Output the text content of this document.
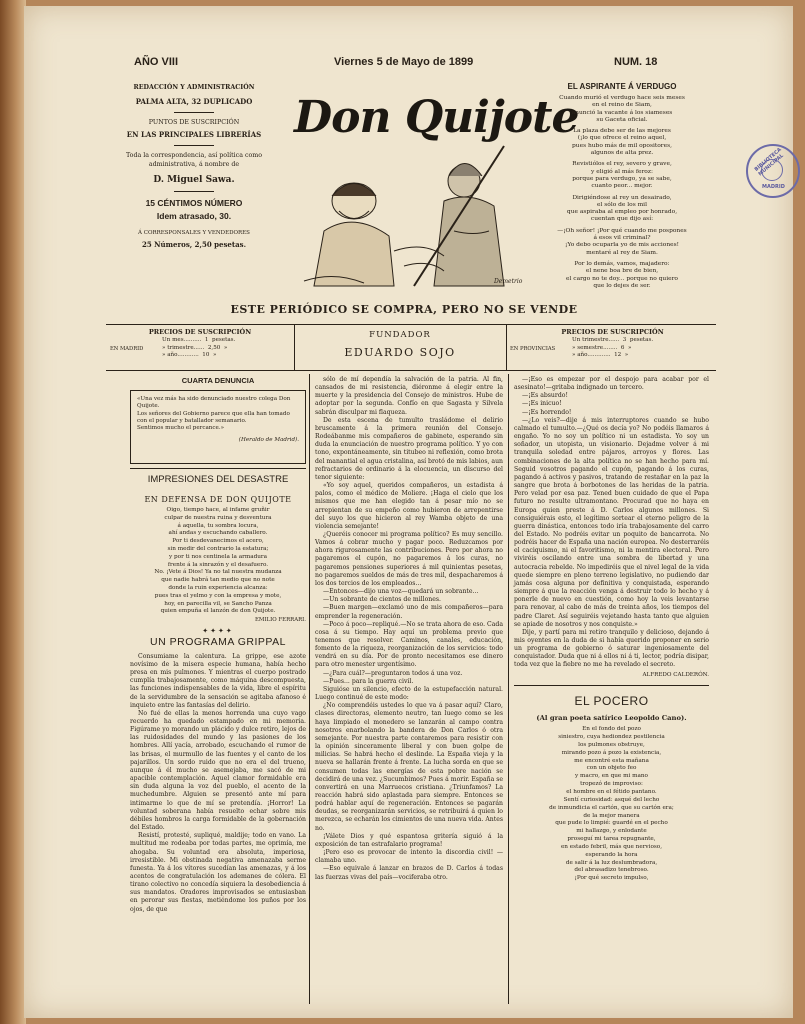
AÑO VIII	Viernes 5 de Mayo de 1899	NUM. 18
REDACCIÓN Y ADMINISTRACIÓN
PALMA ALTA, 32 DUPLICADO
PUNTOS DE SUSCRIPCIÓN
EN LAS PRINCIPALES LIBRERÍAS
Toda la correspondencia, así política como administrativa, á nombre de
D. Miguel Sawa.
15 CÉNTIMOS NÚMERO
Idem atrasado, 30.
Á CORRESPONSALES Y VENDEDORES
25 Números, 2,50 pesetas.
Don Quijote
Demetrio
EL ASPIRANTE Á VERDUGO
Cuando murió el verdugo hace seis meses
en el reino de Siam,
anunció la vacante á los siameses
su Gaceta oficial.
La plaza debe ser de las mejores
(¡lo que ofrece el reino aquel,
pues hubo más de mil opositores,
algunos de alta prez.
Revistiólos el rey, severo y grave,
y eligió al más feroz:
porque para verdugo, ya se sabe,
cuanto peor... mejor.
Dirigiéndose al rey un desairado,
el sólo de los mil
que aspiraba al empleo por honrado,
cuentan que dijo así:
—¡Oh señor! ¡Por qué cuando me pospones
á esos vil criminal?
¡Yo debo ocuparla yo de mis acciones!
mentaré al rey de Siam.
Por lo demás, vamos, majadero:
el nene boa bre de bien,
el cargo no te doy... porque no quiero
que lo dejes de ser.
BIBLIOTECA MUNICIPAL
MADRID
ESTE PERIÓDICO SE COMPRA, PERO NO SE VENDE
PRECIOS DE SUSCRIPCIÓN
EN MADRID
Un mes..........  1  pesetas.
» trimestre......  2,50  »
» año............  10  »
FUNDADOR
EDUARDO SOJO
PRECIOS DE SUSCRIPCIÓN
EN PROVINCIAS
Un trimestre......  3  pesetas.
» semestre........  6  »
» año.............  12  »
CUARTA DENUNCIA
«Una vez más ha sido denunciado nuestro colega Don Quijote.
Los señores del Gobierno parece que ella han tomado con el popular y batallador semanario.
Sentimos mucho el percance.»
(Heraldo de Madrid).
IMPRESIONES DEL DESASTRE
EN DEFENSA DE DON QUIJOTE
Oigo, tiempo hace, al infame gruñir
culpar de nuestra ruina y desventura
á aquella, tu sombra locura,
ahí andas y escuchando caballero.
Por ti desdevanecimos el acero,
sin medir del contrario la estatura;
y por ti nos centinela la armadura
frente á la sinrazón y el desafuero.
No. ¡Vete á Dios! Ya no tal nuestra mudanza
que nadie habrá tan medio que no note
donde la ruin experiencia alcanza:
pues tras el yelmo y con la empresa y mote,
hoy, en parecilla vil, se Sancho Panza
quien empuña el lanzón de don Quijote.
EMILIO FERRARI.
✦✦✦✦
UN PROGRAMA GRIPPAL

Consumiame la calentura. La grippe, ese azote novísimo de la misera especie humana, había hecho presa en mis pulmones. Y mientras el cuerpo postrado cumplía trabajosamente, como máquina descompuesta, las funciones indispensables de la vida, libre el espíritu de la servidumbre de la sensación se agitaba afanoso é inquieto entre las fantasías del delirio.

No fué de ellas la menos horrenda una cuyo vago recuerdo ha quedado estampado en mi memoria. Figúrame yo morando un plácido y dulce retiro, lejos de las ruidosidades del mundo y las pasiones de los hombres. Allí yacía, arrobado, escuchando el rumor de las brisas, el murmullo de las fuentes y el canto de los pajarillos. Un sordo ruido que no era el del trueno, aunque á él mucho se asemejaba, me sacó de mi apacible contemplación. Aquel clamor formidable era sin duda alguna la voz del pueblo, el acento de la muchedumbre. Alguien se presentó ante mí para intimarme lo que de mí se pretendía. ¡Horror! La voluntad soberana había resuelto echar sobre mis débiles hombros la carga formidable de la gobernación del Estado.

Resistí, protesté, supliqué, maldije; todo en vano. La multitud me rodeaba por todas partes, me oprimía, me ahogaba. Su voluntad era absoluta, imperiosa, irresistible. Mi obstinada negativa amenazaba serme funesta. Ya á los vítores sucedían las amenazas, y á los acentos de congratulación los ademanes de cólera. El tirano colectivo no concedía siquiera la desobediencia á sus mandatos. Oradores improvisados se entusiasban en perorar sus fiestas, metiéndome los puños por los ojos, de que

sólo de mí dependía la salvación de la patria. Al fin, cansados de mi resistencia, diéronme á elegir entre la muerte y la presidencia del Consejo de ministros. Hube de adoptar por la segunda. Confío en que Sagasta y Silvela sabrán disculpar mi flaqueza.

De esta escena de tumulto trasládome el delirio bruscamente á la primera reunión del Consejo. Rodeábanme mis compañeros de gabinete, esperando sin duda la enunciación de nuestro programa político. Y yo con tono, expontáneamente, sin titubeo ni reflexión, como brota del manantial el agua cristalina, así brotó de mis labios, aun refractarios de ordinario á la elocuencia, un discurso del tenor siguiente:

«Yo soy aquel, queridos compañeros, un estadista á palos, como el médico de Moliere. ¡Haga el cielo que los mismos que me han elegido tan á pesar mío no se arrepientan de su empeño como hubieron de arrepentirse del suyo los que hicieron al rey Wamba objeto de una violencia semejante!

¿Queréis conocer mi programa político? Es muy sencillo. Vamos á cobrar mucho y pagar poco. Reduzcamos por ahora rigurosamente las contribuciones. Pero por ahora no pagaremos el cupón, no pagaremos á los curas, no pagaremos pensiones superiores á mil quinientas pesetas, no pagaremos sueldos de más de tres mil, despacharemos á los dos tercios de los empleados...

—Entonces—dijo una voz—quedará un sobrante...

—Un sobrante de cientos de millones.

—Buen margen—exclamó uno de mis compañeros—para emprender la regeneración.

—Poco á poco—repliqué.—No se trata ahora de eso. Cada cosa á su tiempo. Hay aquí un problema previo que tenemos que resolver. Caminos, canales, educación, fomento de la riqueza, reorganización de los servicios: todo vendrá en su día. Por de pronto necesitamos ese dinero para otro menester urgentísimo.

—¿Para cuál?—preguntaron todos á una voz.

—Pues... para la guerra civil.

Siguióse un silencio, efecto de la estupefacción natural. Luego continué de este modo:

¿No comprendéis ustedes lo que va á pasar aquí? Claro, clases directoras, elemento neutro, tan luego como se les haya limpiado el monedero se lanzarán al campo contra nosotros enarbolando la bandera de Don Carlos ó otra semejante. Por nuestra parte contaremos para resistir con la opinión sinceramente liberal y con buen golpe de milicias. Se habrá hecho el deslinde. La España vieja y la nueva se hallarán frente á frente. La lucha sorda en que se consumen todas las energías de esta pobre nación se decidirá de una vez. ¿Sucumbimos? Pues á morir. España se convertirá en una Marruecos cristiana. ¿Triunfamos? La reacción habrá sido aplastada para siempre. Entonces se podrá hablar aquí de regeneración. Entonces se pagarán deudas, se reorganizarán servicios, se retribuirá á quien lo merezca, se echarán los cimientos de una nueva vida. Antes no.

¡Válete Dios y qué espantosa gritería siguió á la exposición de tan estrafalario programa!

¡Pero eso es provocar de intento la discordia civil! —clamaba uno.

—Eso equivale á lanzar en brazos de D. Carlos á todas las fuerzas vivas del país—vociferaba otro.

—¡Eso es empezar por el despojo para acabar por el asesinato!—gritaba indignado un tercero.

—¡Es absurdo!

—¡Es inicuo!

—¡Es horrendo!

—¿Lo veis?—dije á mis interruptores cuando se hubo calmado el tumulto.—¿Qué os decía yo? No podéis llamaros á engaño. Yo no soy un político ni un estadista. Yo soy un soñador, un utopista, un visionario. Dejadme volver á mi tranquila soledad entre pájaros, arroyos y flores. Las combinaciones de la alta política no se han hecho para mí. Seguid vosotros pagando el cupón, pagando á los curas, pagando á activos y pasivos, tratando de restañar en la paz la sangre que brota á borbotones de las heridas de la patria. Pero velad por esa paz. Tened buen cuidado de que el Papa futuro no resulte ultramontano. Procurad que no haya en Europa quien preste á D. Carlos algunos millones. Si consiguiérais esto, el legítimo sortear el eterno peligro de la guerra dinástica, entonces todo iría trabajosamente del carro del Estado. No podréis evitar un poquito de bancarrota. No podréis hacer de España una nación europea. No desterraréis el caciquismo, ni el favoritismo, ni la mentira electoral. Pero viviréis oscilando entre una sombra de libertad y una autocracia rebelde. No impediréis que el nivel legal de la vida quede siempre en pleno terreno legislativo, no pudiendo dar jamás cosa alguna por definitiva y conquistada, esperando siempre á que la reacción venga á destruir todo lo hecho y á ponerle de nuevo en cuestión, como hoy la veis levantarse para renovar, al cabo de más de treinta años, los tiempos del padre Claret. Así seguiréis vejetando hasta tanto que alguien se apiade de nosotros y nos conquiste.»

Dije, y partí para mi retiro tranquilo y delicioso, dejando á mis oyentes en la duda de si había querido proponer en serio un programa de gobierno ó saturar ingeniosamente del conquistador. Duda que ni á ellos ni á ti, lector, podría disipar, toda vez que la fiebre no me ha revelado el secreto.

ALFREDO CALDERÓN.
EL POCERO
(Al gran poeta satírico Leopoldo Cano).
En el fondo del pozo
siniestro, cuya hediondez pestilencia
los pulmones obstruye,
mirando pozo á pozo la existencia,
me encontré esta mañana
con un objeto feo
y macro, en que mi mano
tropezó de improviso:
el hombre en el fétido pantano.
Sentí curiosidad: asqué del lecho
de inmundicia el cartón, que su cartón era;
de la mejor manera
que pude lo limpié: guardé en el pecho
mi hallazgo, y enlodante
proseguí mi tarea repugnante,
en estado febril, más que nervioso,
esperando la hora
de salir á la luz deslumbradora,
del abrasadizo tenebroso.
¡Por qué secreto impulso,
